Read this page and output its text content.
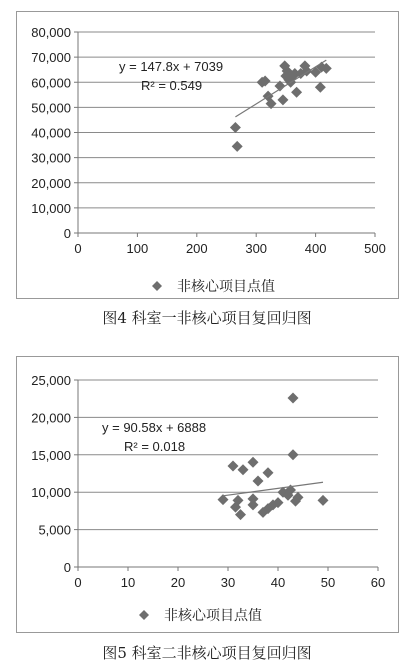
0
10,000
20,000
30,000
40,000
50,000
60,000
70,000
80,000
0	100	200	300	400	500
y = 147.8x + 7039
R² = 0.549
非核心项目点值
图4 科室一非核心项目复回归图
0
5,000
10,000
15,000
20,000
25,000
0	10	20	30	40	50	60
y = 90.58x + 6888
R² = 0.018
非核心项目点值
图5 科室二非核心项目复回归图
